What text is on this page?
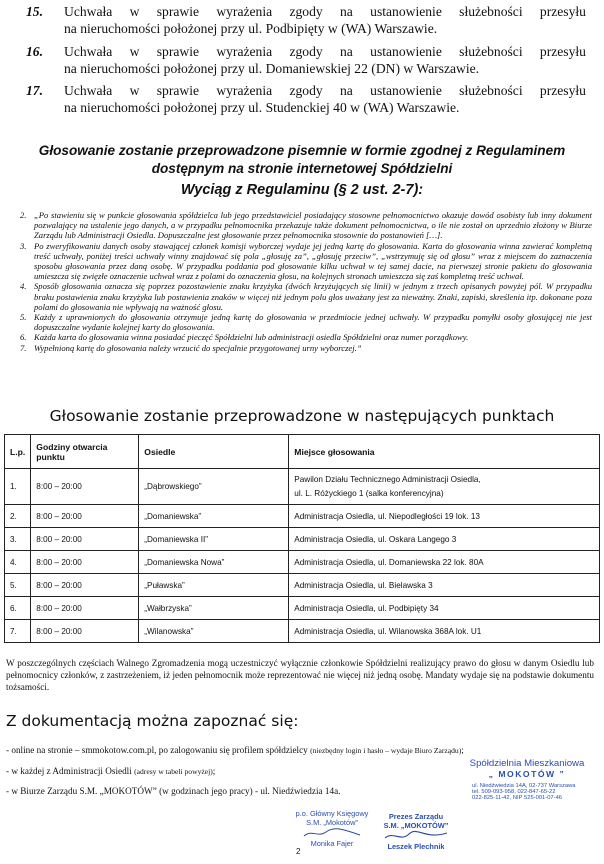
15.	Uchwała w sprawie wyrażenia zgody na ustanowienie służebności przesyłu
na nieruchomości położonej przy ul. Podbipięty w (WA) Warszawie.
16.	Uchwała w sprawie wyrażenia zgody na ustanowienie służebności przesyłu
na nieruchomości położonej przy ul. Domaniewskiej 22 (DN) w Warszawie.
17.	Uchwała w sprawie wyrażenia zgody na ustanowienie służebności przesyłu
na nieruchomości położonej przy ul. Studenckiej 40 w (WA) Warszawie.
Głosowanie zostanie przeprowadzone pisemnie w formie zgodnej z Regulaminem
dostępnym na stronie internetowej Spółdzielni
Wyciąg z Regulaminu (§ 2 ust. 2-7):
2. „Po stawieniu się w punkcie głosowania spółdzielca lub jego przedstawiciel posiadający stosowne pełnomocnictwo okazuje dowód osobisty lub inny dokument pozwalający na ustalenie jego danych, a w przypadku pełnomocnika przekazuje także dokument pełnomocnictwa, o ile nie został on uprzednio złożony w Biurze Zarządu lub Administracji Osiedla. Dopuszczalne jest głosowanie przez pełnomocnika stosownie do postanowień […].
3. Po zweryfikowaniu danych osoby stawającej członek komisji wyborczej wydaje jej jedną kartę do głosowania. Karta do głosowania winna zawierać kompletną treść uchwały, poniżej treści uchwały winny znajdować się pola „głosuję za”, „głosuję przeciw”, „wstrzymuję się od głosu” wraz z miejscem do zaznaczenia sposobu głosowania przez daną osobę. W przypadku poddania pod głosowanie kilku uchwał w tej samej dacie, na pierwszej stronie pakietu do głosowania umieszcza się zwięzłe oznaczenie uchwał wraz z polami do oznaczenia głosu, na kolejnych stronach umieszcza się zaś kompletną treść uchwał.
4. Sposób głosowania oznacza się poprzez pozostawienie znaku krzyżyka (dwóch krzyżujących się linii) w jednym z trzech opisanych powyżej pól. W przypadku braku postawienia znaku krzyżyka lub postawienia znaków w więcej niż jednym polu głos uważany jest za nieważny. Znaki, zapiski, skreślenia itp. dokonane poza polami do głosowania nie wpływają na ważność głosu.
5. Każdy z uprawnionych do głosowania otrzymuje jedną kartę do głosowania w przedmiocie jednej uchwały. W przypadku pomyłki osoby głosującej nie jest dopuszczalne wydanie kolejnej karty do głosowania.
6. Każda karta do głosowania winna posiadać pieczęć Spółdzielni lub administracji osiedla Spółdzielni oraz numer porządkowy.
7. Wypełnioną kartę do głosowania należy wrzucić do specjalnie przygotowanej urny wyborczej.”
Głosowanie zostanie przeprowadzone w następujących punktach
L.p.	Godziny otwarcia punktu	Osiedle	Miejsce głosowania
1.	8:00 – 20:00	„Dąbrowskiego”	Pawilon Działu Technicznego Administracji Osiedla,
ul. L. Różyckiego 1 (salka konferencyjna)

2.	8:00 – 20:00	„Domaniewska”	Administracja Osiedla, ul. Niepodległości 19 lok. 13
3.	8:00 – 20:00	„Domaniewska II”	Administracja Osiedla, ul. Oskara Langego 3
4.	8:00 – 20:00	„Domaniewska Nowa”	Administracja Osiedla, ul. Domaniewska 22 lok. 80A
5.	8:00 – 20:00	„Puławska”	Administracja Osiedla, ul. Bielawska 3
6.	8:00 – 20:00	„Wałbrzyska”	Administracja Osiedla, ul. Podbipięty 34
7.	8:00 – 20:00	„Wilanowska”	Administracja Osiedla, ul. Wilanowska 368A lok. U1
W poszczególnych częściach Walnego Zgromadzenia mogą uczestniczyć wyłącznie członkowie Spółdzielni realizujący prawo do głosu w danym Osiedlu lub pełnomocnicy członków, z zastrzeżeniem, iż jeden pełnomocnik może reprezentować nie więcej niż jedną osobę. Mandaty wydaje się na podstawie dokumentu tożsamości.
Z dokumentacją można zapoznać się:
- online na stronie – smmokotow.com.pl, po zalogowaniu się profilem spółdzielcy (niezbędny login i hasło – wydaje Biuro Zarządu);
- w każdej z Administracji Osiedli (adresy w tabeli powyżej);
- w Biurze Zarządu S.M. „MOKOTÓW” (w godzinach jego pracy) - ul. Niedźwiedzia 14a.
Spółdzielnia Mieszkaniowa
„ MOKOTÓW ”
ul. Niedźwiedzia 14A, 02-737 Warszawa
tel. 509-093-958, 022-847-65-22
022-825-11-42, NIP 525-001-07-46
p.o. Główny Księgowy
S.M. „Mokotów”
Monika Fajer
2
Prezes Zarządu
S.M. „MOKOTÓW”
Leszek Plechnik
